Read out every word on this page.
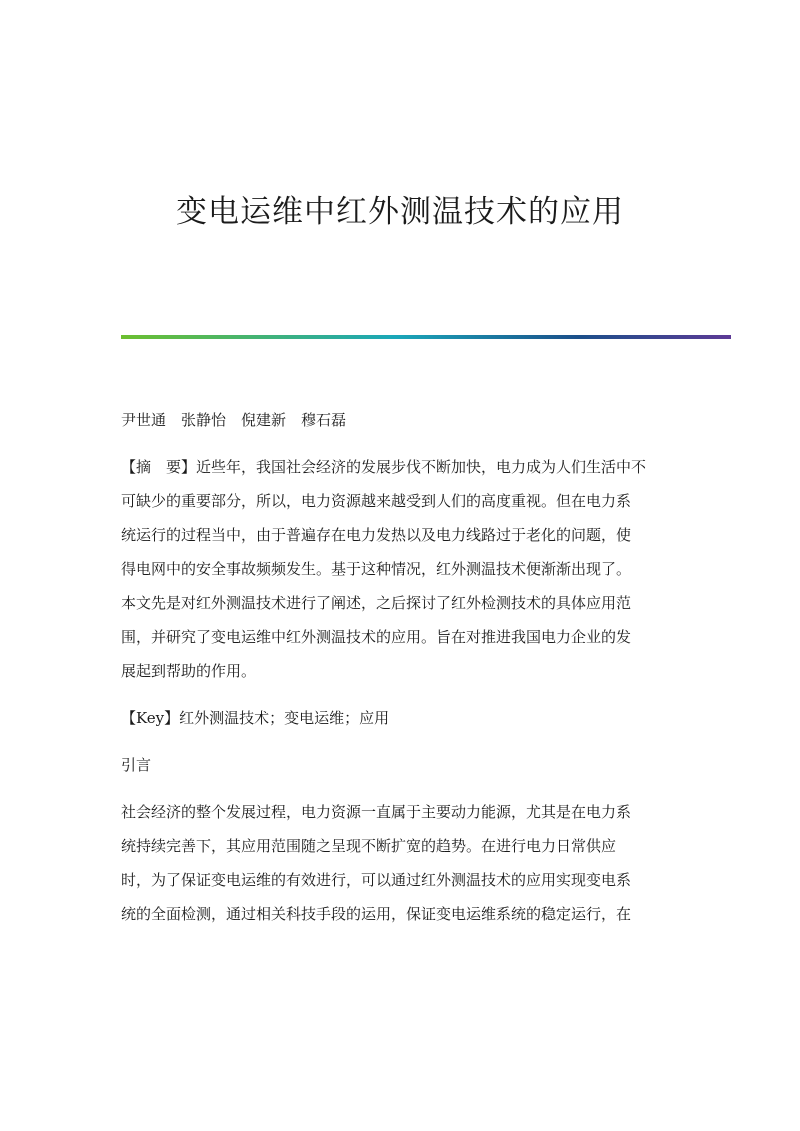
变电运维中红外测温技术的应用

尹世通　张静怡　倪建新　穆石磊

【摘　要】近些年，我国社会经济的发展步伐不断加快，电力成为人们生活中不

可缺少的重要部分，所以，电力资源越来越受到人们的高度重视。但在电力系

统运行的过程当中，由于普遍存在电力发热以及电力线路过于老化的问题，使

得电网中的安全事故频频发生。基于这种情况，红外测温技术便渐渐出现了。

本文先是对红外测温技术进行了阐述，之后探讨了红外检测技术的具体应用范

围，并研究了变电运维中红外测温技术的应用。旨在对推进我国电力企业的发

展起到帮助的作用。

【Key】红外测温技术；变电运维；应用

引言

社会经济的整个发展过程，电力资源一直属于主要动力能源，尤其是在电力系

统持续完善下，其应用范围随之呈现不断扩宽的趋势。在进行电力日常供应

时，为了保证变电运维的有效进行，可以通过红外测温技术的应用实现变电系

统的全面检测，通过相关科技手段的运用，保证变电运维系统的稳定运行，在
